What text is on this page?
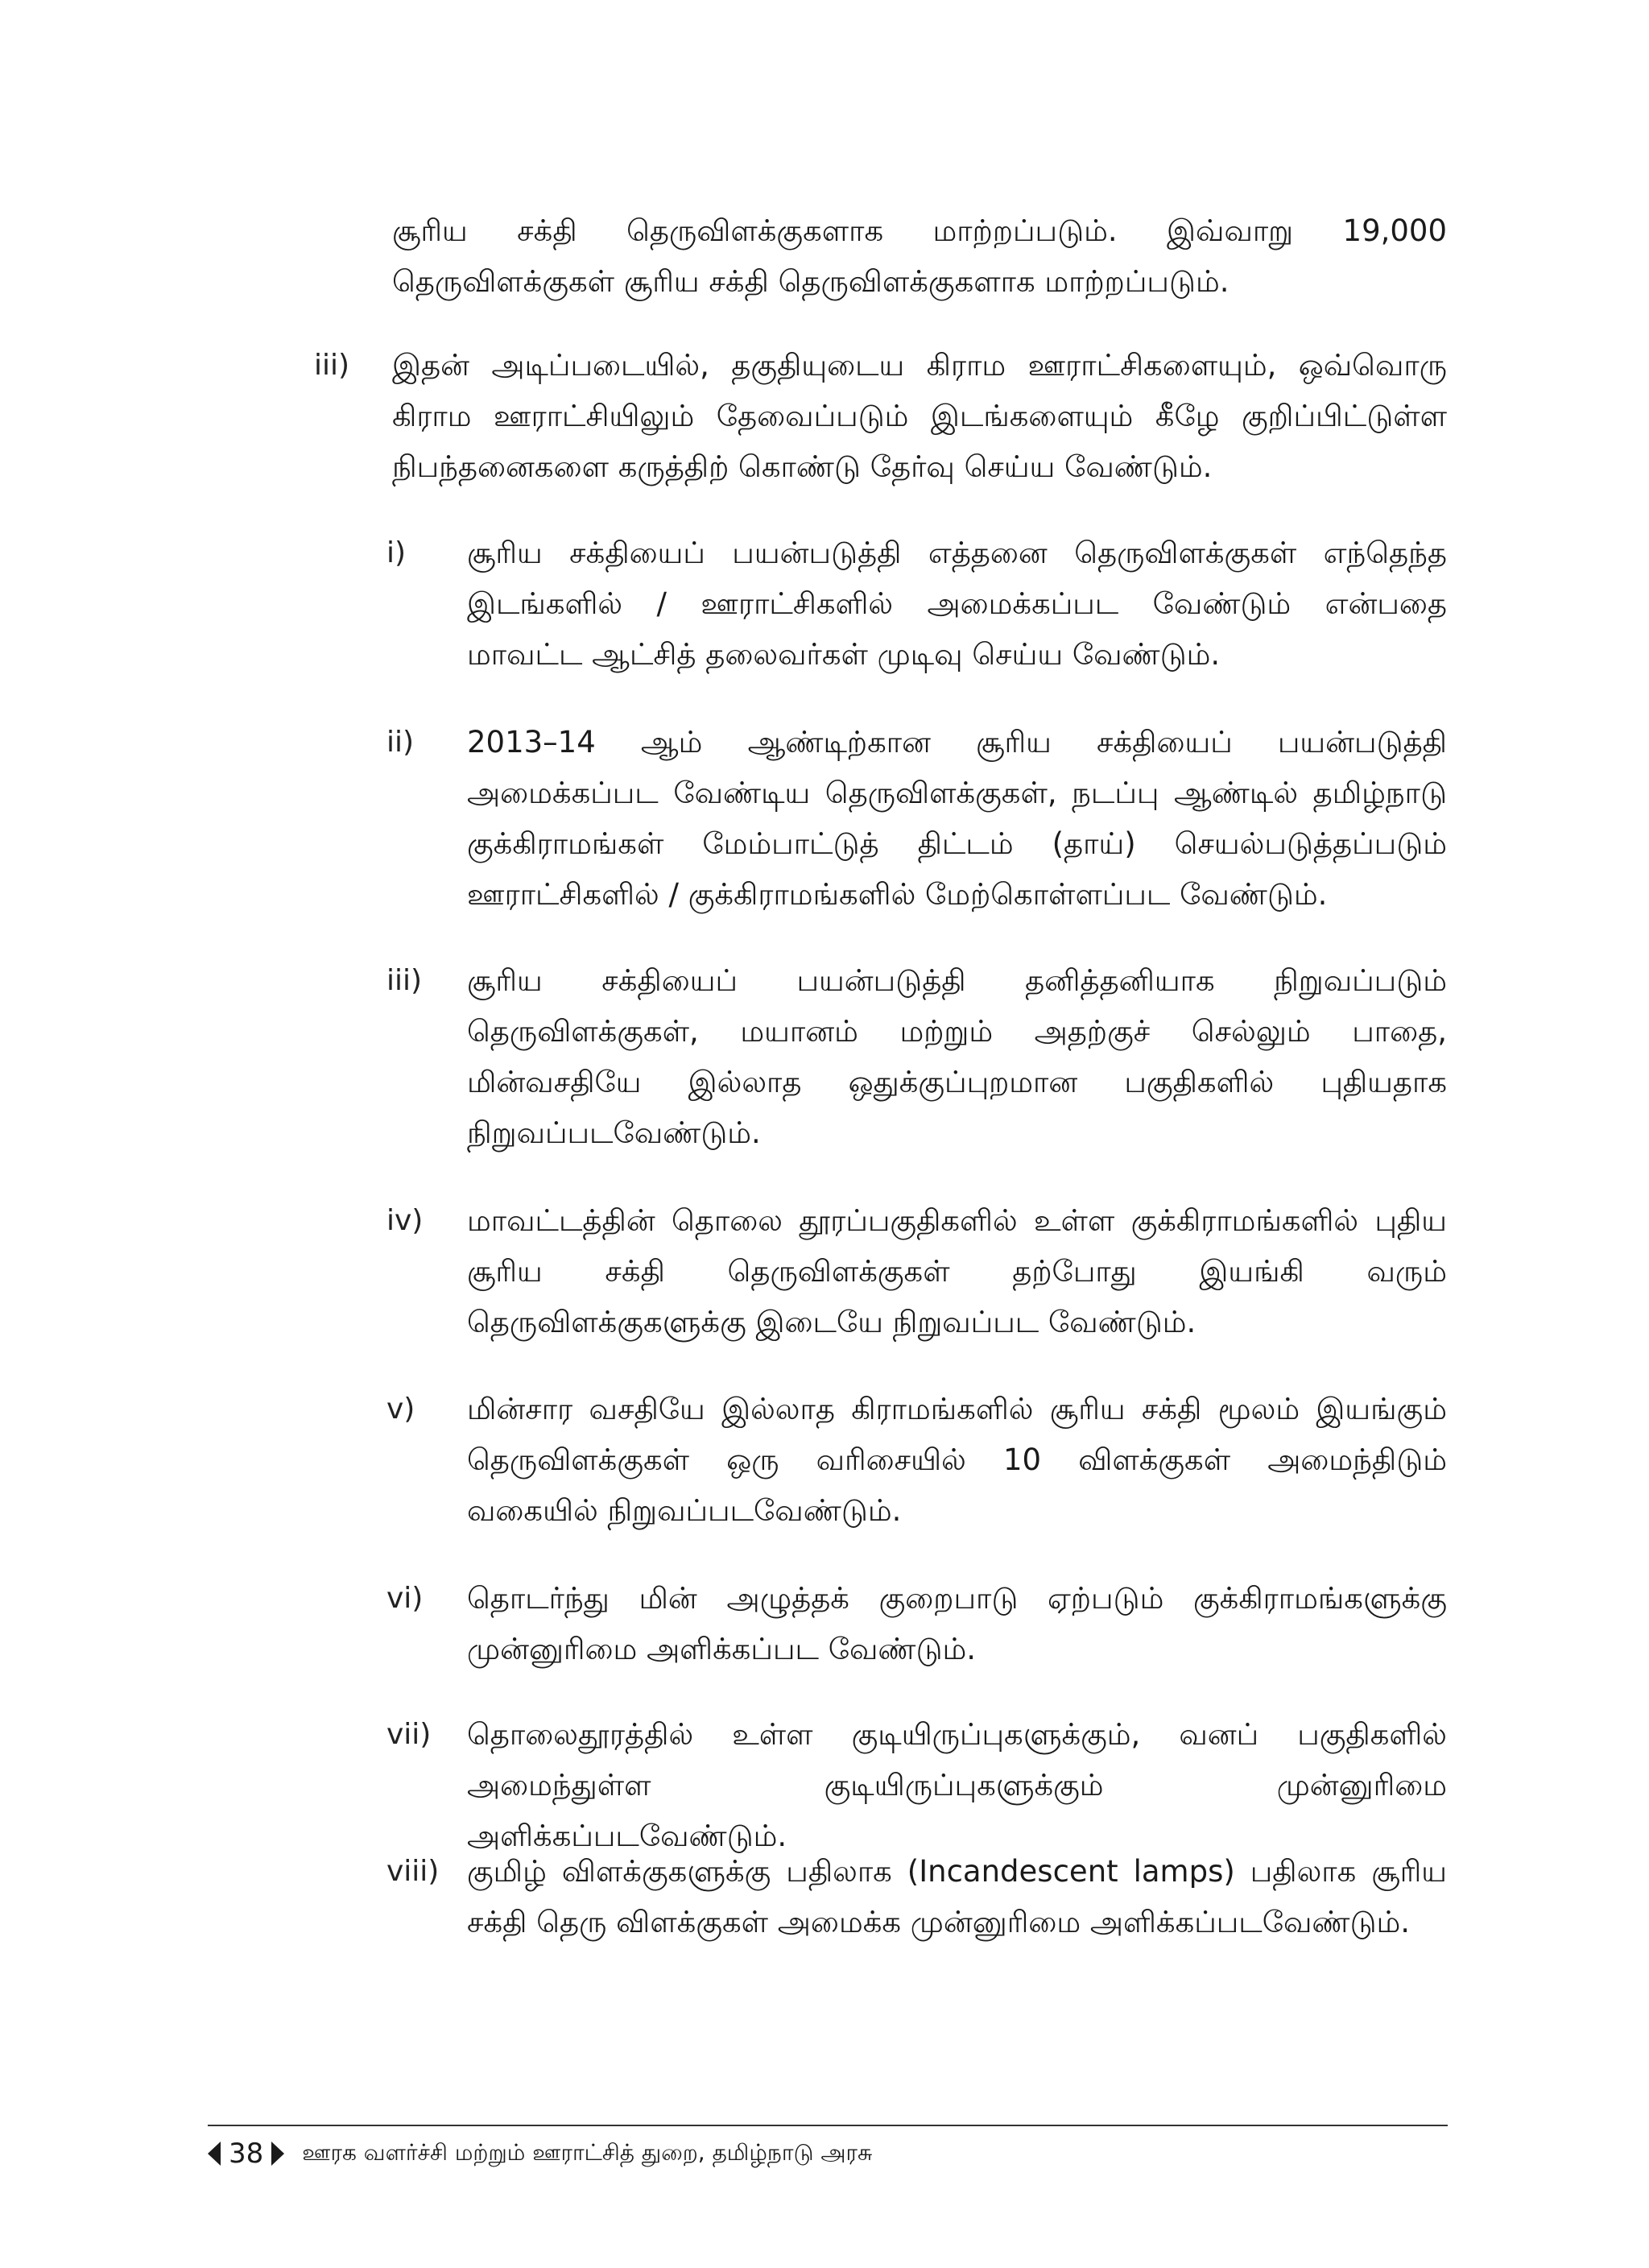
சூரிய சக்தி தெருவிளக்குகளாக மாற்றப்படும். இவ்வாறு 19,000 தெருவிளக்குகள் சூரிய சக்தி தெருவிளக்குகளாக மாற்றப்படும்.
iii) இதன் அடிப்படையில், தகுதியுடைய கிராம ஊராட்சிகளையும், ஒவ்வொரு கிராம ஊராட்சியிலும் தேவைப்படும் இடங்களையும் கீழே குறிப்பிட்டுள்ள நிபந்தனைகளை கருத்திற் கொண்டு தேர்வு செய்ய வேண்டும்.
i) சூரிய சக்தியைப் பயன்படுத்தி எத்தனை தெருவிளக்குகள் எந்தெந்த இடங்களில் / ஊராட்சிகளில் அமைக்கப்பட வேண்டும் என்பதை மாவட்ட ஆட்சித் தலைவர்கள் முடிவு செய்ய வேண்டும்.
ii) 2013–14 ஆம் ஆண்டிற்கான சூரிய சக்தியைப் பயன்படுத்தி அமைக்கப்பட வேண்டிய தெருவிளக்குகள், நடப்பு ஆண்டில் தமிழ்நாடு குக்கிராமங்கள் மேம்பாட்டுத் திட்டம் (தாய்) செயல்படுத்தப்படும் ஊராட்சிகளில் / குக்கிராமங்களில் மேற்கொள்ளப்பட வேண்டும்.
iii) சூரிய சக்தியைப் பயன்படுத்தி தனித்தனியாக நிறுவப்படும் தெருவிளக்குகள், மயானம் மற்றும் அதற்குச் செல்லும் பாதை, மின்வசதியே இல்லாத ஒதுக்குப்புறமான பகுதிகளில் புதியதாக நிறுவப்படவேண்டும்.
iv) மாவட்டத்தின் தொலை தூரப்பகுதிகளில் உள்ள குக்கிராமங்களில் புதிய சூரிய சக்தி தெருவிளக்குகள் தற்போது இயங்கி வரும் தெருவிளக்குகளுக்கு இடையே நிறுவப்பட வேண்டும்.
v) மின்சார வசதியே இல்லாத கிராமங்களில் சூரிய சக்தி மூலம் இயங்கும் தெருவிளக்குகள் ஒரு வரிசையில் 10 விளக்குகள் அமைந்திடும் வகையில் நிறுவப்படவேண்டும்.
vi) தொடர்ந்து மின் அழுத்தக் குறைபாடு ஏற்படும் குக்கிராமங்களுக்கு முன்னுரிமை அளிக்கப்பட வேண்டும்.
vii) தொலைதூரத்தில் உள்ள குடியிருப்புகளுக்கும், வனப் பகுதிகளில் அமைந்துள்ள குடியிருப்புகளுக்கும் முன்னுரிமை அளிக்கப்படவேண்டும்.
viii) குமிழ் விளக்குகளுக்கு பதிலாக (Incandescent lamps) பதிலாக சூரிய சக்தி தெரு விளக்குகள் அமைக்க முன்னுரிமை அளிக்கப்படவேண்டும்.
38 ஊரக வளர்ச்சி மற்றும் ஊராட்சித் துறை, தமிழ்நாடு அரசு
